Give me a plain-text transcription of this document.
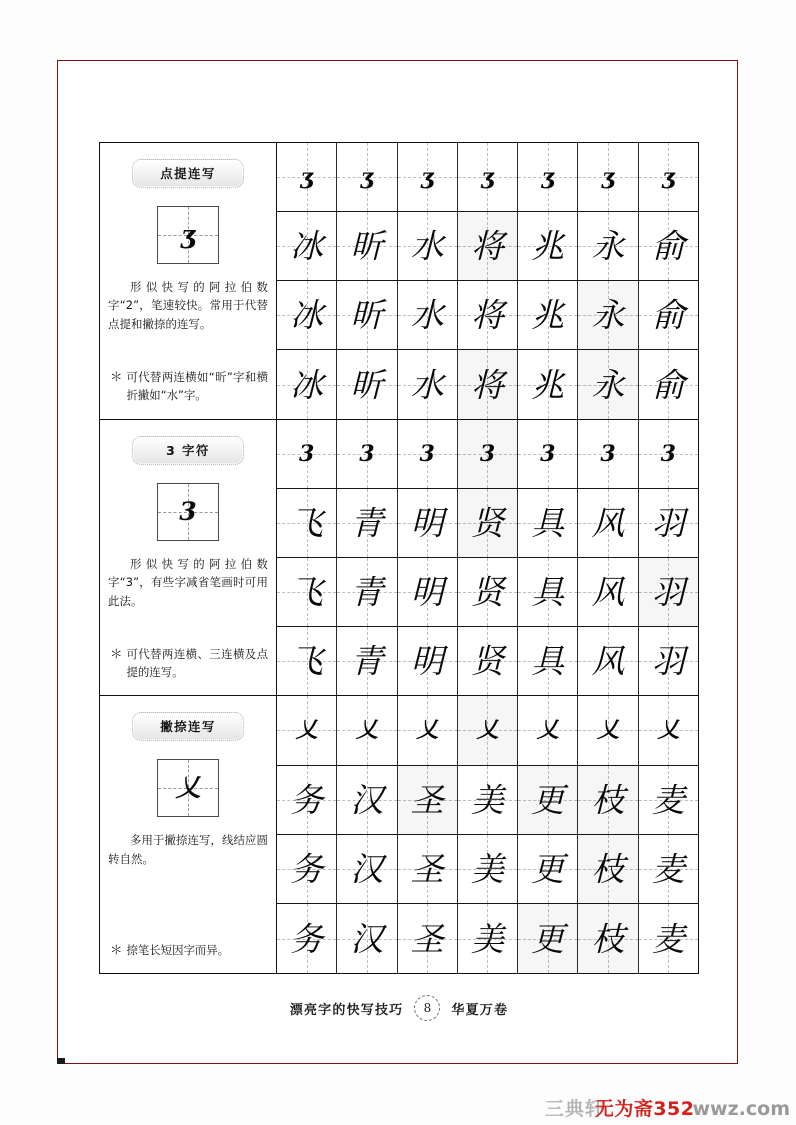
点提连写
ʒ
形似快写的阿拉伯数字“2”，笔速较快。常用于代替点提和撇捺的连写。
＊ 可代替两连横如“昕”字和横折撇如“水”字。
ʒ	ʒ	ʒ	ʒ	ʒ	ʒ	ʒ
冰 昕 水 将 兆 永 俞
冰 昕 水 将 兆 永 俞
冰 昕 水 将 兆 永 俞
3 字符
3
形似快写的阿拉伯数字“3”，有些字减省笔画时可用此法。
＊ 可代替两连横、三连横及点提的连写。
3	3	3	3	3	3	3
飞 青 明 贤 具 风 羽
飞 青 明 贤 具 风 羽
飞 青 明 贤 具 风 羽
撇捺连写
乂
多用于撇捺连写，线结应圆转自然。
＊ 捺笔长短因字而异。
乂	乂	乂	乂	乂	乂	乂
务 汉 圣 美 更 枝 麦
务 汉 圣 美 更 枝 麦
务 汉 圣 美 更 枝 麦
漂亮字的快写技巧	8	华夏万卷
三典轩
无为斋352
wwz.com
